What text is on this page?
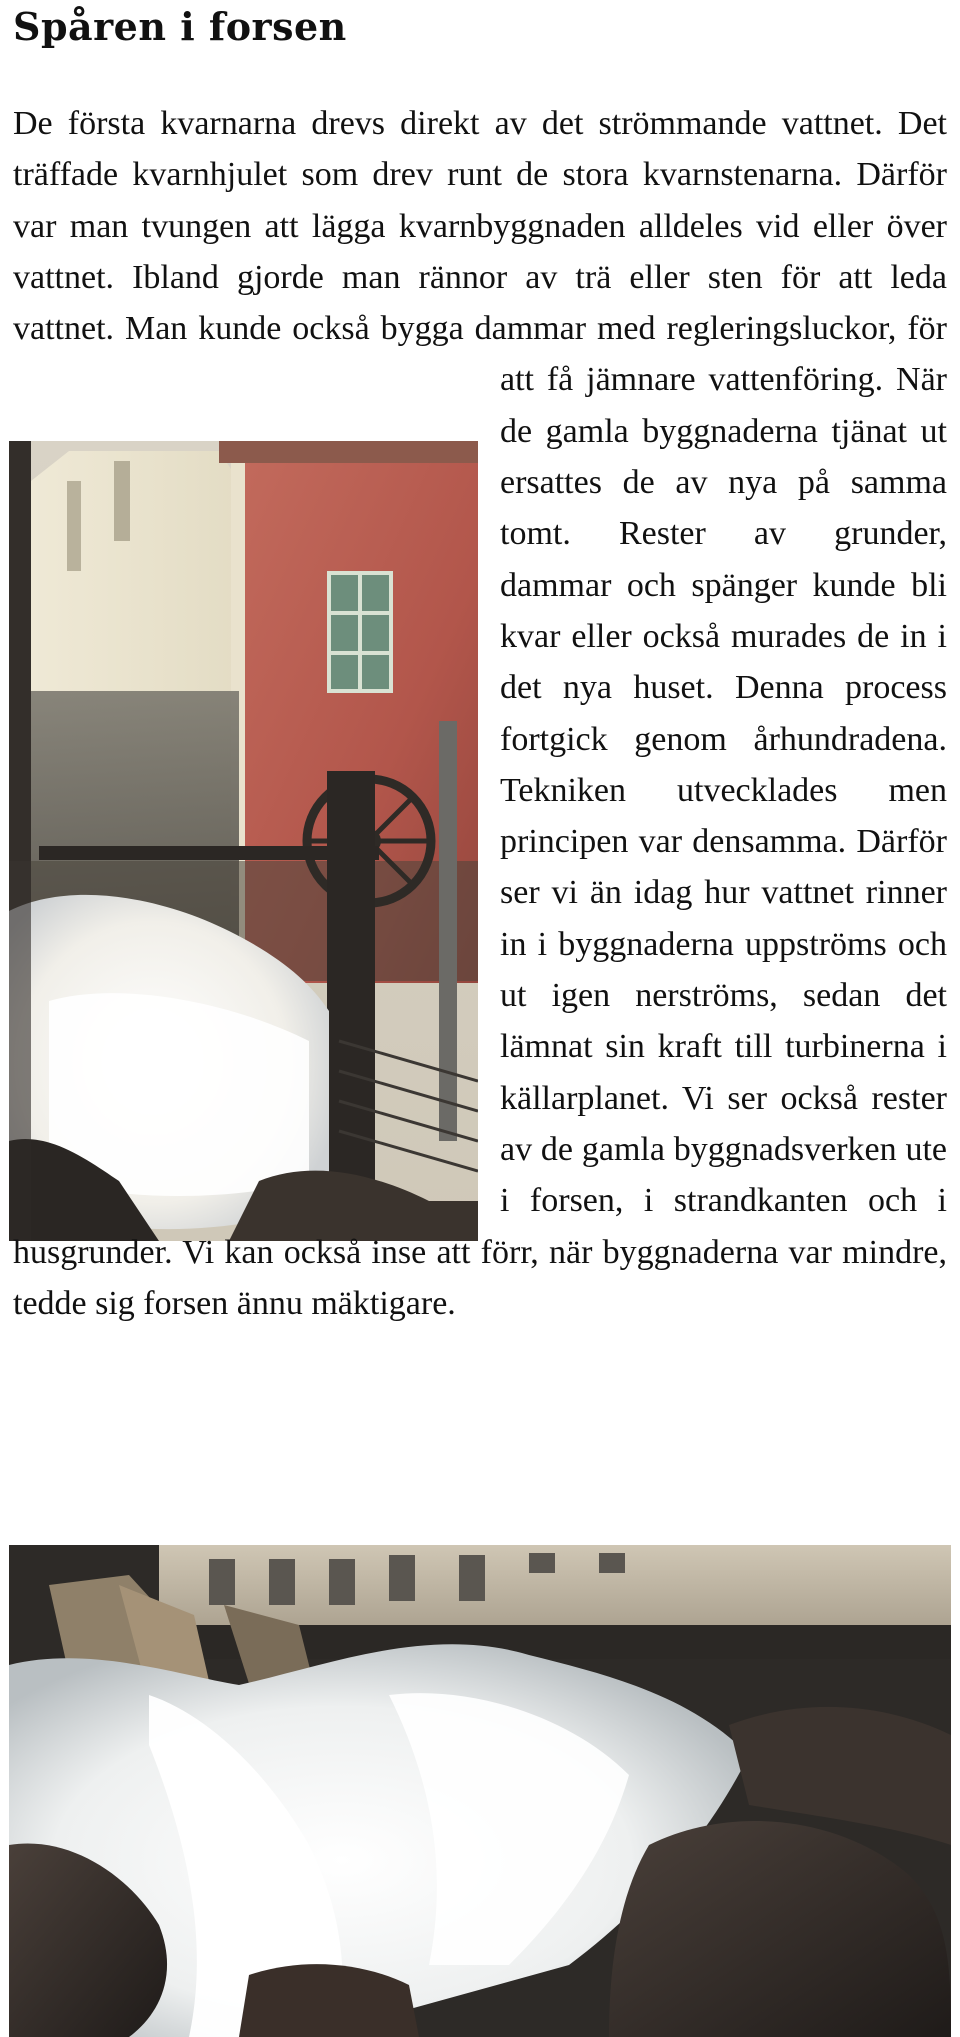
Spåren i forsen
De första kvarnarna drevs direkt av det strömmande vattnet. Det träffade kvarnhjulet som drev runt de stora kvarnstenarna. Därför var man tvungen att lägga kvarnbyggnaden alldeles vid eller över vattnet. Ibland gjorde man rännor av trä eller sten för att leda vattnet. Man kunde också bygga dammar med regleringsluckor, för att få jämnare vattenföring. När de gamla byggnaderna tjänat ut ersattes de av nya på samma tomt. Rester av grunder, dammar och spänger kunde bli kvar eller också murades de in i det nya huset. Denna process fortgick genom århundradena. Tekniken utvecklades men principen var densamma. Därför ser vi än idag hur vattnet rinner in i byggnaderna uppströms och ut igen nerströms, sedan det lämnat sin kraft till turbinerna i källarplanet. Vi ser också rester av de gamla byggnadsverken ute i forsen, i strandkanten och i husgrunder. Vi kan också inse att förr, när byggnaderna var mindre, tedde sig forsen ännu mäktigare.
